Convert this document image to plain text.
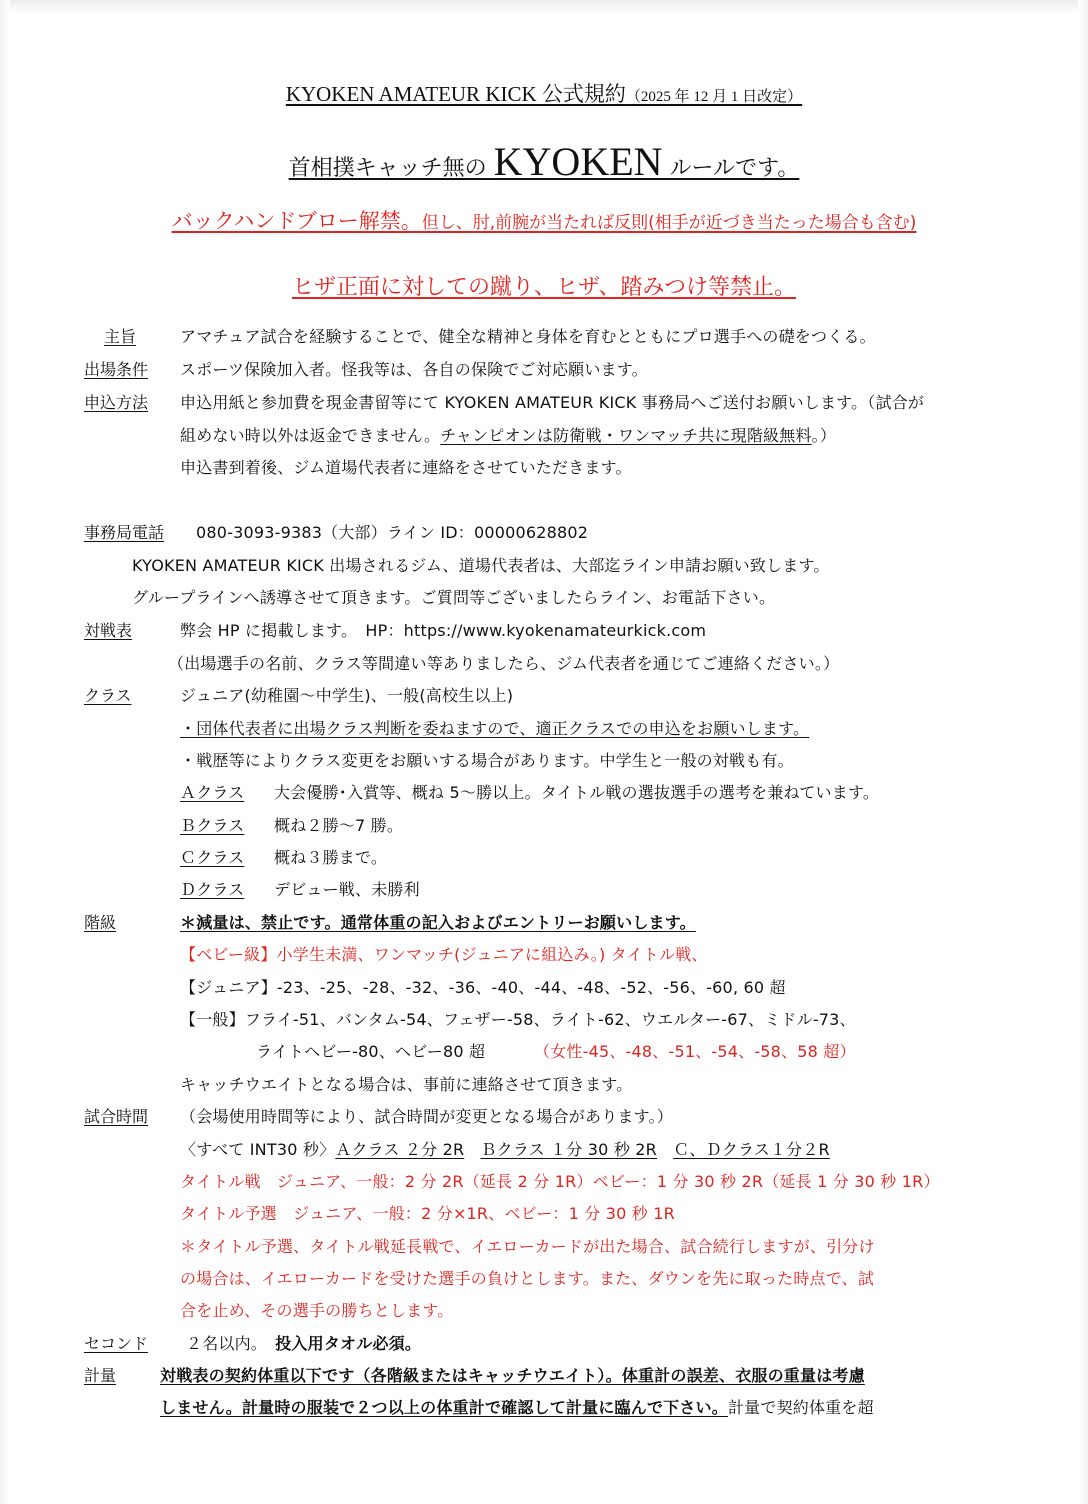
KYOKEN AMATEUR KICK 公式規約（2025 年 12 月 1 日改定）
首相撲キャッチ無の KYOKEN ルールです。
バックハンドブロー解禁。但し、肘,前腕が当たれば反則(相手が近づき当たった場合も含む)
ヒザ正面に対しての蹴り、ヒザ、踏みつけ等禁止。
主旨	アマチュア試合を経験することで、健全な精神と身体を育むとともにプロ選手への礎をつくる。
出場条件 スポーツ保険加入者。怪我等は、各自の保険でご対応願います。
申込方法 申込用紙と参加費を現金書留等にて KYOKEN AMATEUR KICK 事務局へご送付お願いします。（試合が
組めない時以外は返金できません。チャンピオンは防衛戦・ワンマッチ共に現階級無料。）
申込書到着後、ジム道場代表者に連絡をさせていただきます。
事務局電話 080-3093-9383（大部）ライン ID：00000628802
KYOKEN AMATEUR KICK 出場されるジム、道場代表者は、大部迄ライン申請お願い致します。
グループラインへ誘導させて頂きます。ご質問等ございましたらライン、お電話下さい。
対戦表	弊会 HP に掲載します。　HP：https://www.kyokenamateurkick.com
（出場選手の名前、クラス等間違い等ありましたら、ジム代表者を通じてご連絡ください。）
クラス	ジュニア(幼稚園～中学生)、一般(高校生以上)
・団体代表者に出場クラス判断を委ねますので、適正クラスでの申込をお願いします。
・戦歴等によりクラス変更をお願いする場合があります。中学生と一般の対戦も有。
Ａクラス 大会優勝･入賞等、概ね 5～勝以上。タイトル戦の選抜選手の選考を兼ねています。
Ｂクラス 概ね２勝～7 勝。
Ｃクラス 概ね３勝まで。
Ｄクラス デビュー戦、未勝利
階級	＊減量は、禁止です。通常体重の記入およびエントリーお願いします。
【ベビー級】小学生未満、ワンマッチ(ジュニアに組込み。) タイトル戦、
【ジュニア】-23、-25、-28、-32、-36、-40、-44、-48、-52、-56、-60, 60 超
【一般】フライ-51、バンタム-54、フェザー-58、ライト-62、ウエルター-67、ミドル-73、
ライトヘビー-80、ヘビー80 超	（女性-45、-48、-51、-54、-58、58 超）
キャッチウエイトとなる場合は、事前に連絡させて頂きます。
試合時間 （会場使用時間等により、試合時間が変更となる場合があります。）
〈すべて INT30 秒〉Ａクラス ２分 2R　 Ｂクラス １分 30 秒 2R　 Ｃ、Ｄクラス１分２R
タイトル戦　ジュニア、一般：2 分 2R（延長 2 分 1R）ベビー：1 分 30 秒 2R（延長 1 分 30 秒 1R）
タイトル予選　ジュニア、一般：2 分×1R、ベビー：1 分 30 秒 1R
＊タイトル予選、タイトル戦延長戦で、イエローカードが出た場合、試合続行しますが、引分け
の場合は、イエローカードを受けた選手の負けとします。また、ダウンを先に取った時点で、試
合を止め、その選手の勝ちとします。
セコンド ２名以内。　 投入用タオル必須。
計量	対戦表の契約体重以下です（各階級またはキャッチウエイト）。体重計の誤差、衣服の重量は考慮
しません。計量時の服装で２つ以上の体重計で確認して計量に臨んで下さい。計量で契約体重を超
